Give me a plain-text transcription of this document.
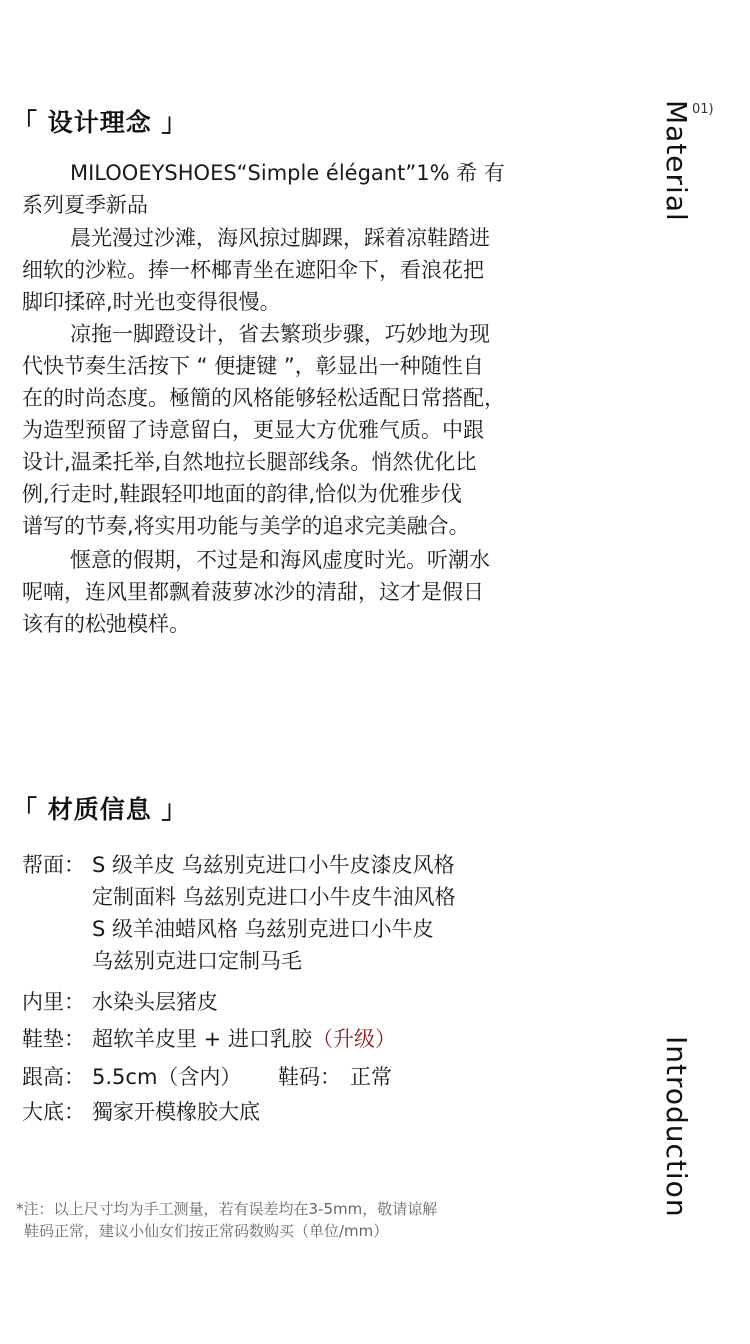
「 设计理念 」
MILOOEYSHOES“Simple élégant”1% 希 有
系列夏季新品
晨光漫过沙滩，海风掠过脚踝，踩着凉鞋踏进
细软的沙粒。捧一杯椰青坐在遮阳伞下，看浪花把
脚印揉碎,时光也变得很慢。
凉拖一脚蹬设计，省去繁琐步骤，巧妙地为现
代快节奏生活按下 “ 便捷键 ”，彰显出一种随性自
在的时尚态度。極簡的风格能够轻松适配日常搭配，
为造型预留了诗意留白，更显大方优雅气质。中跟
设计,温柔托举,自然地拉长腿部线条。悄然优化比
例,行走时,鞋跟轻叩地面的韵律,恰似为优雅步伐
谱写的节奏,将实用功能与美学的追求完美融合。
惬意的假期，不过是和海风虚度时光。听潮水
呢喃，连风里都飘着菠萝冰沙的清甜，这才是假日
该有的松弛模样。
Material 01)
「 材质信息 」
帮面： S 级羊皮 乌兹别克进口小牛皮漆皮风格
定制面料 乌兹别克进口小牛皮牛油风格
S 级羊油蜡风格 乌兹别克进口小牛皮
乌兹别克进口定制马毛
内里： 水染头层猪皮
鞋垫： 超软羊皮里 + 进口乳胶（升级）
跟高： 5.5cm（含内） 鞋码： 正常
大底： 獨家开模橡胶大底	Introduction
*注：以上尺寸均为手工测量，若有误差均在3-5mm，敬请谅解
鞋码正常，建议小仙女们按正常码数购买（单位/mm）
